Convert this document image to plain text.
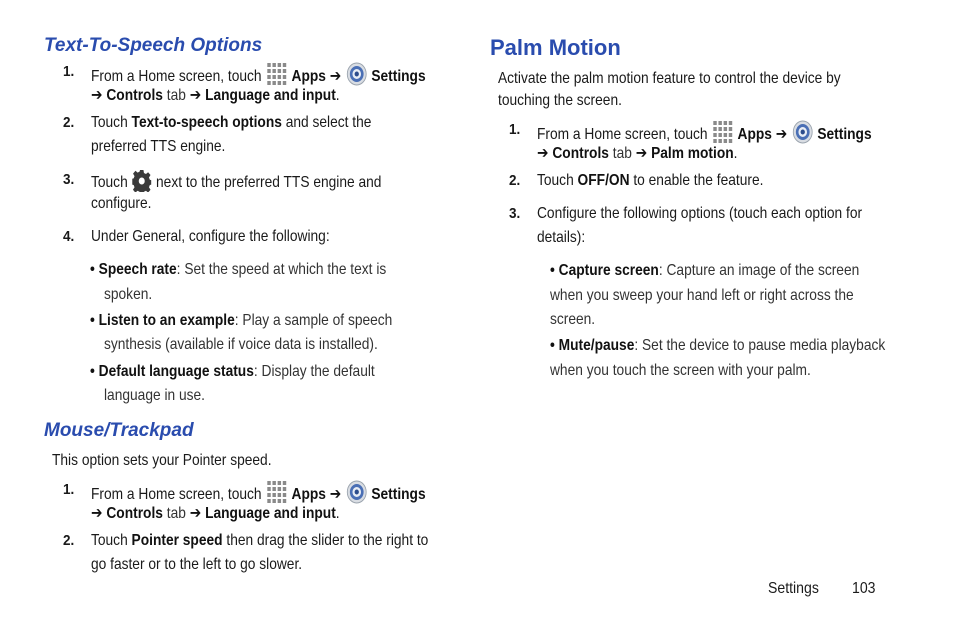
Text-To-Speech Options
1. From a Home screen, touch Apps ➔ Settings
➔ Controls tab ➔ Language and input.
2. Touch Text-to-speech options and select the
preferred TTS engine.
3. Touch next to the preferred TTS engine and
configure.
4. Under General, configure the following:
• Speech rate: Set the speed at which the text is
spoken.
• Listen to an example: Play a sample of speech
synthesis (available if voice data is installed).
• Default language status: Display the default
language in use.
Mouse/Trackpad
This option sets your Pointer speed.
1. From a Home screen, touch Apps ➔ Settings
➔ Controls tab ➔ Language and input.
2. Touch Pointer speed then drag the slider to the right to
go faster or to the left to go slower.
Palm Motion
Activate the palm motion feature to control the device by
touching the screen.
1. From a Home screen, touch Apps ➔ Settings
➔ Controls tab ➔ Palm motion.
2. Touch OFF/ON to enable the feature.
3. Configure the following options (touch each option for
details):
• Capture screen: Capture an image of the screen
when you sweep your hand left or right across the
screen.
• Mute/pause: Set the device to pause media playback
when you touch the screen with your palm.
Settings 103
